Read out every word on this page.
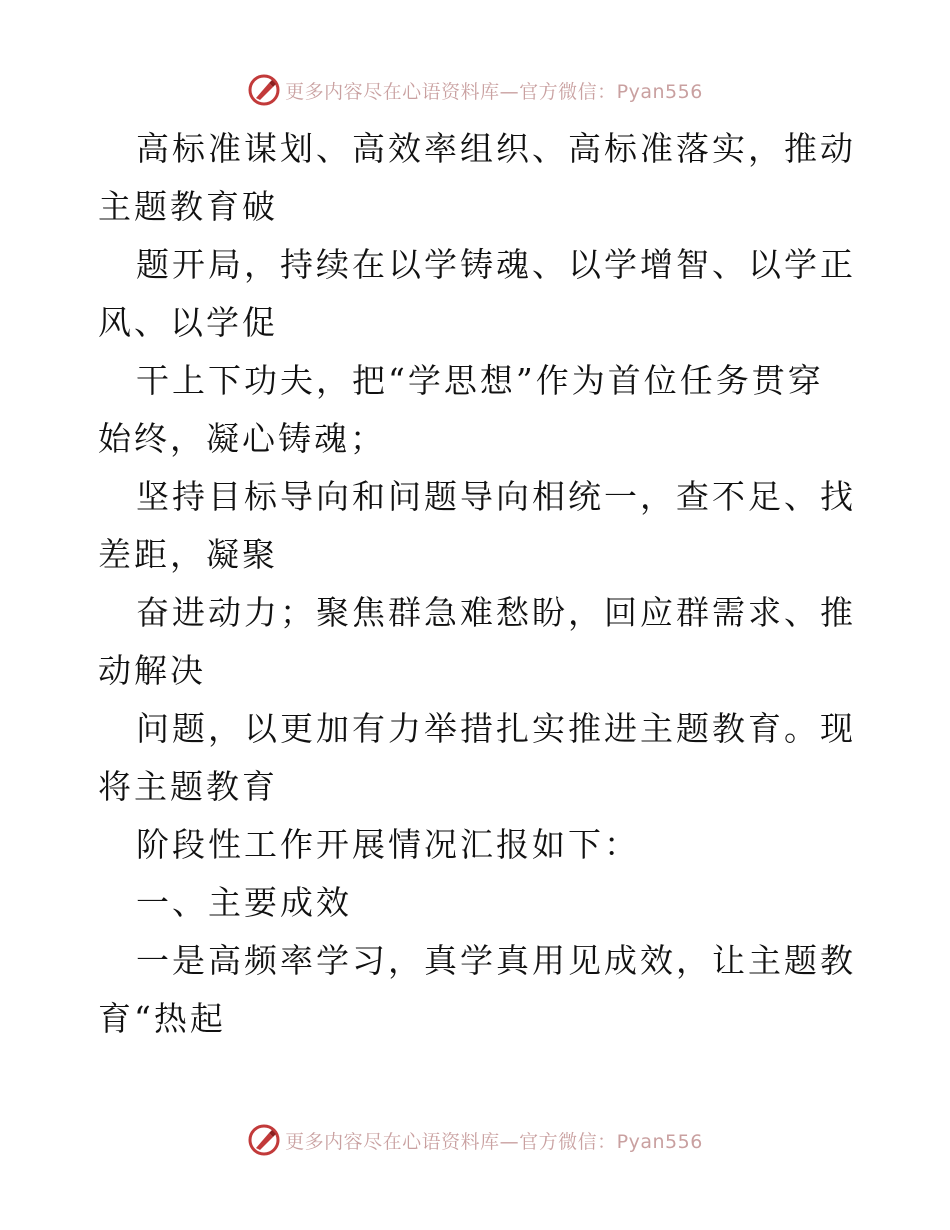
更多内容尽在心语资料库—官方微信：Pyan556

高标准谋划、高效率组织、高标准落实，推动主题教育破

题开局，持续在以学铸魂、以学增智、以学正风、以学促

干上下功夫，把“学思想”作为首位任务贯穿始终，凝心铸魂；

坚持目标导向和问题导向相统一，查不足、找差距，凝聚

奋进动力；聚焦群急难愁盼，回应群需求、推动解决

问题，以更加有力举措扎实推进主题教育。现将主题教育

阶段性工作开展情况汇报如下：

一、主要成效

一是高频率学习，真学真用见成效，让主题教育“热起

更多内容尽在心语资料库—官方微信：Pyan556
